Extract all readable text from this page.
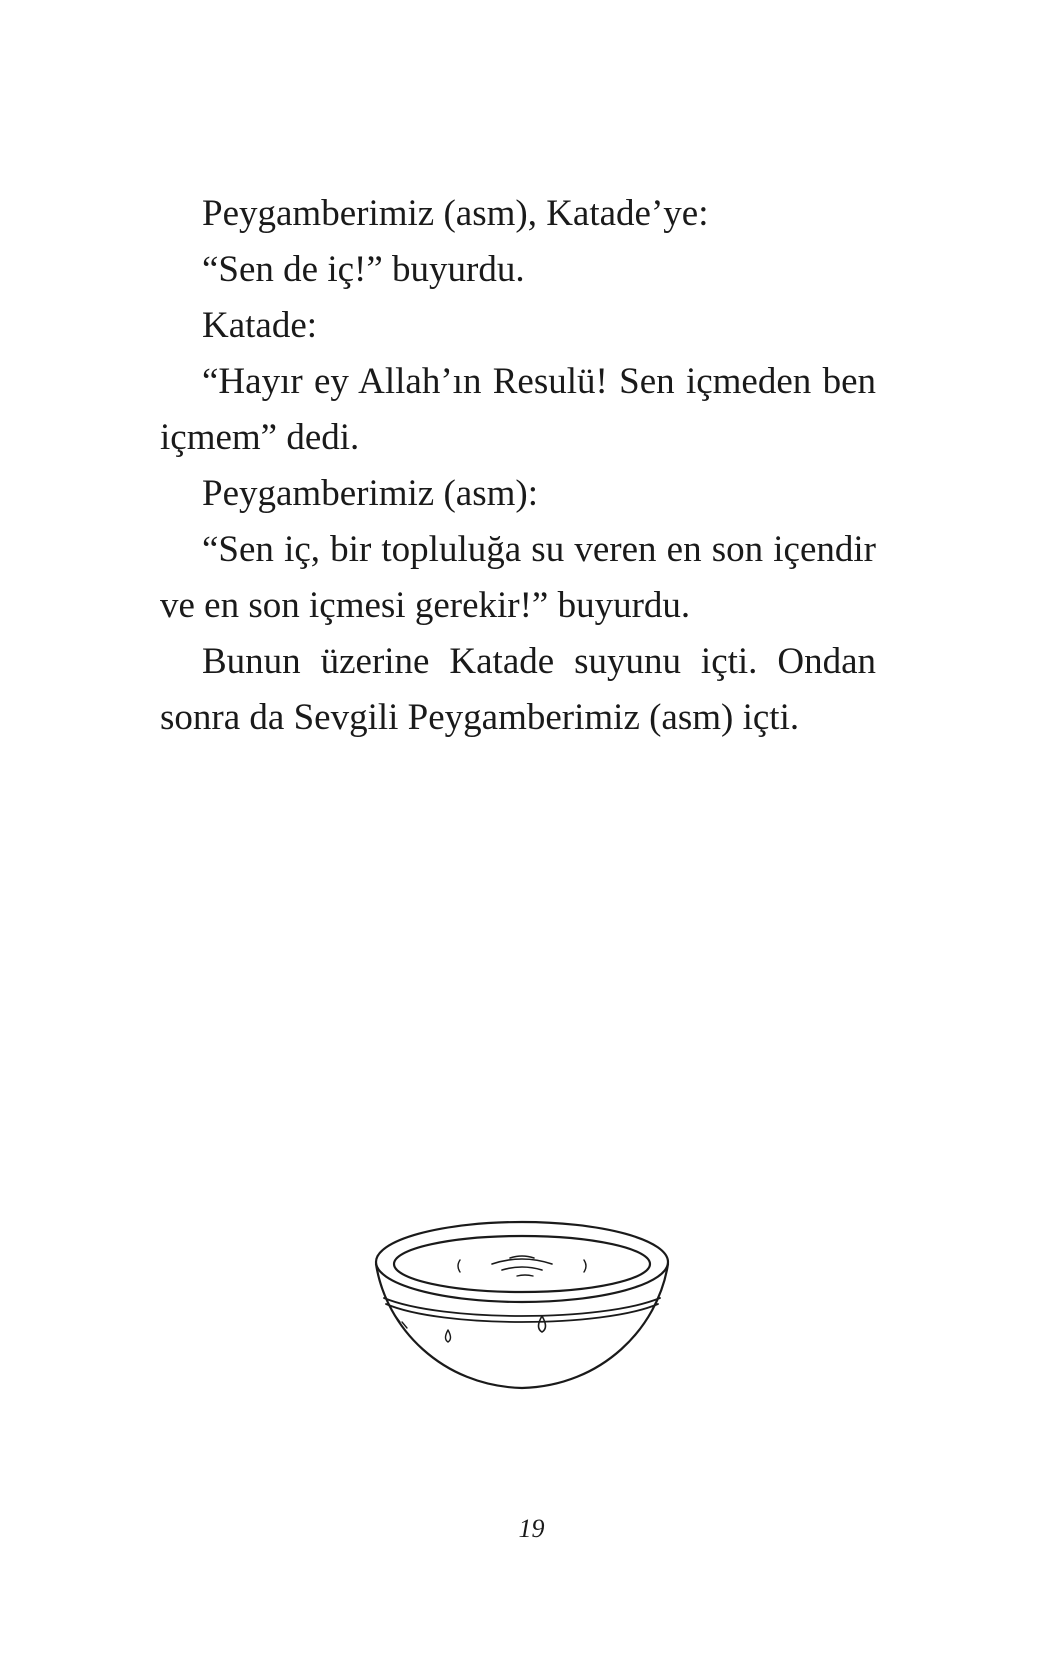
Peygamberimiz (asm), Katade’ye:

“Sen de iç!” buyurdu.

Katade:

“Hayır ey Allah’ın Resulü! Sen içmeden ben içmem” dedi.

Peygamberimiz (asm):

“Sen iç, bir topluluğa su veren en son içendir ve en son içmesi gerekir!” buyurdu.

Bunun üzerine Katade suyunu içti. Ondan sonra da Sevgili Peygamberimiz (asm) içti.

19
